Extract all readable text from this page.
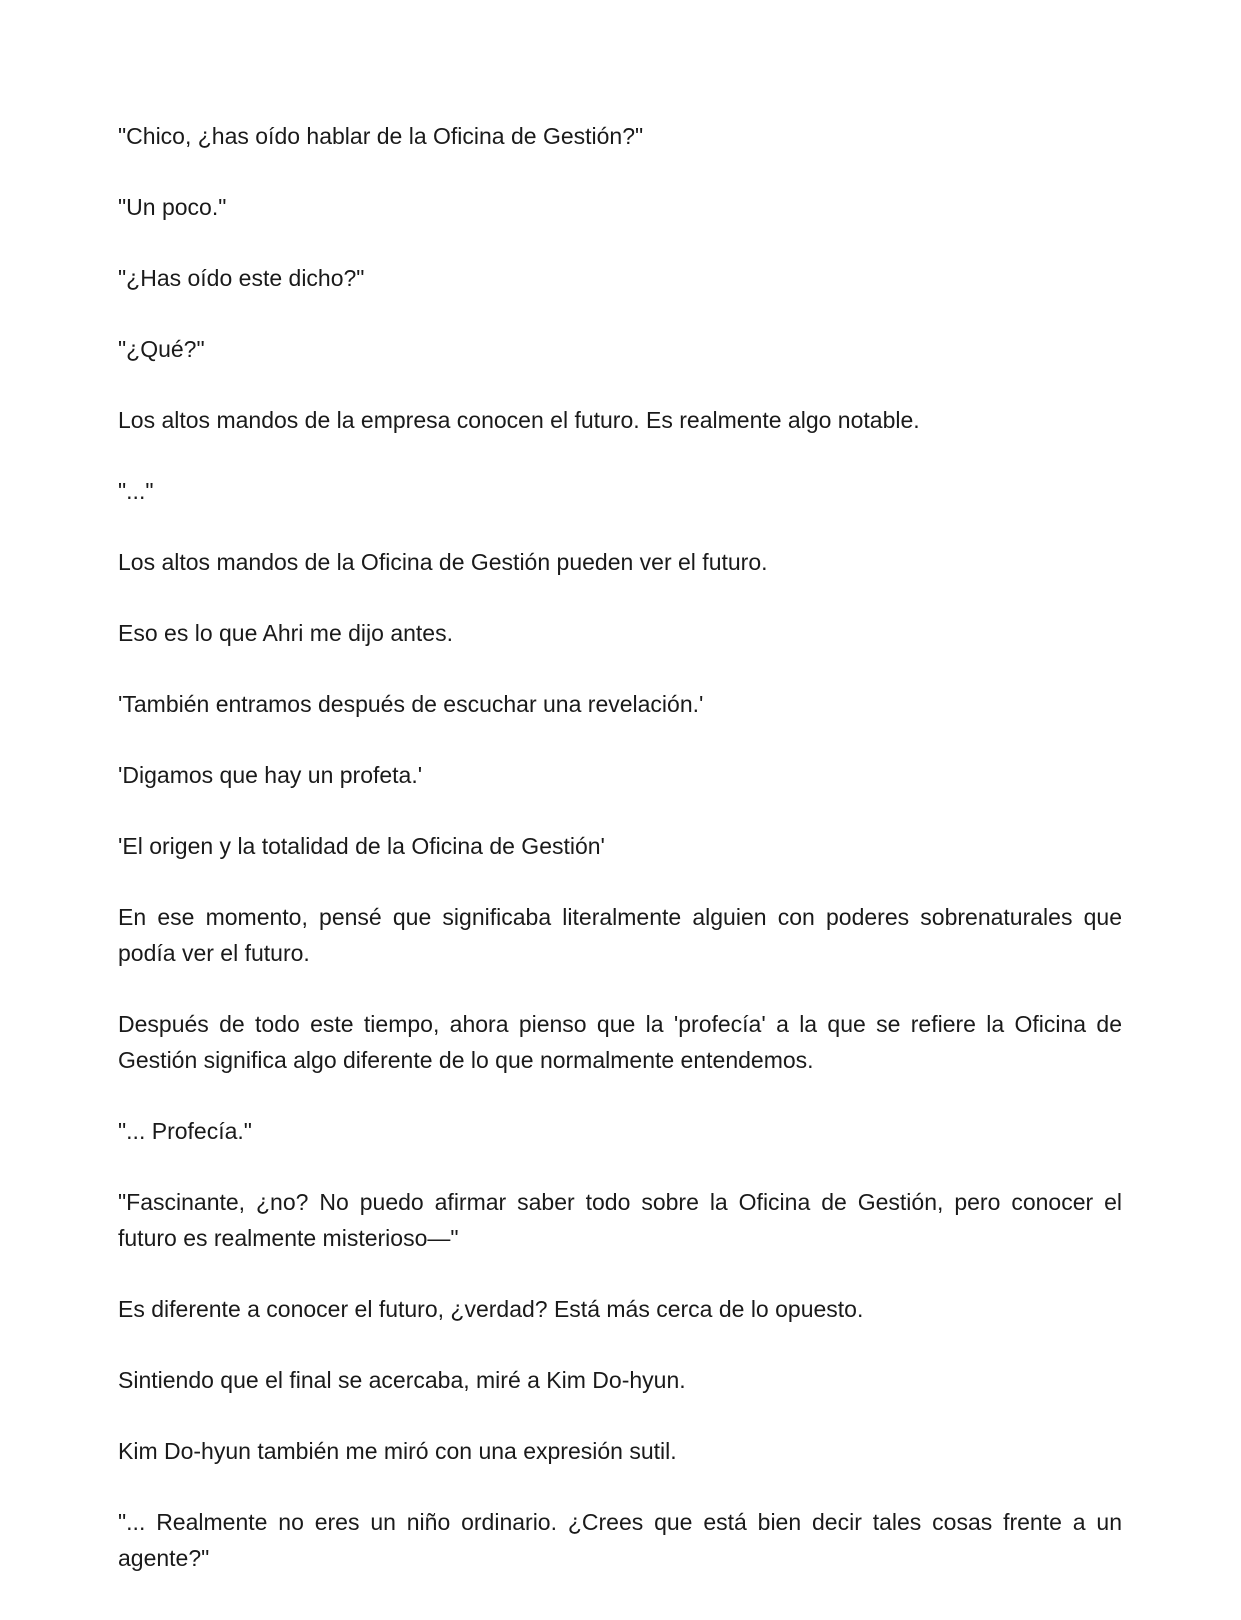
"Chico, ¿has oído hablar de la Oficina de Gestión?"

"Un poco."

"¿Has oído este dicho?"

"¿Qué?"

Los altos mandos de la empresa conocen el futuro. Es realmente algo notable.

"..."

Los altos mandos de la Oficina de Gestión pueden ver el futuro.

Eso es lo que Ahri me dijo antes.

'También entramos después de escuchar una revelación.'

'Digamos que hay un profeta.'

'El origen y la totalidad de la Oficina de Gestión'

En ese momento, pensé que significaba literalmente alguien con poderes sobrenaturales que podía ver el futuro.

Después de todo este tiempo, ahora pienso que la 'profecía' a la que se refiere la Oficina de Gestión significa algo diferente de lo que normalmente entendemos.

"... Profecía."

"Fascinante, ¿no? No puedo afirmar saber todo sobre la Oficina de Gestión, pero conocer el futuro es realmente misterioso—"

Es diferente a conocer el futuro, ¿verdad? Está más cerca de lo opuesto.

Sintiendo que el final se acercaba, miré a Kim Do-hyun.

Kim Do-hyun también me miró con una expresión sutil.

"... Realmente no eres un niño ordinario. ¿Crees que está bien decir tales cosas frente a un agente?"
